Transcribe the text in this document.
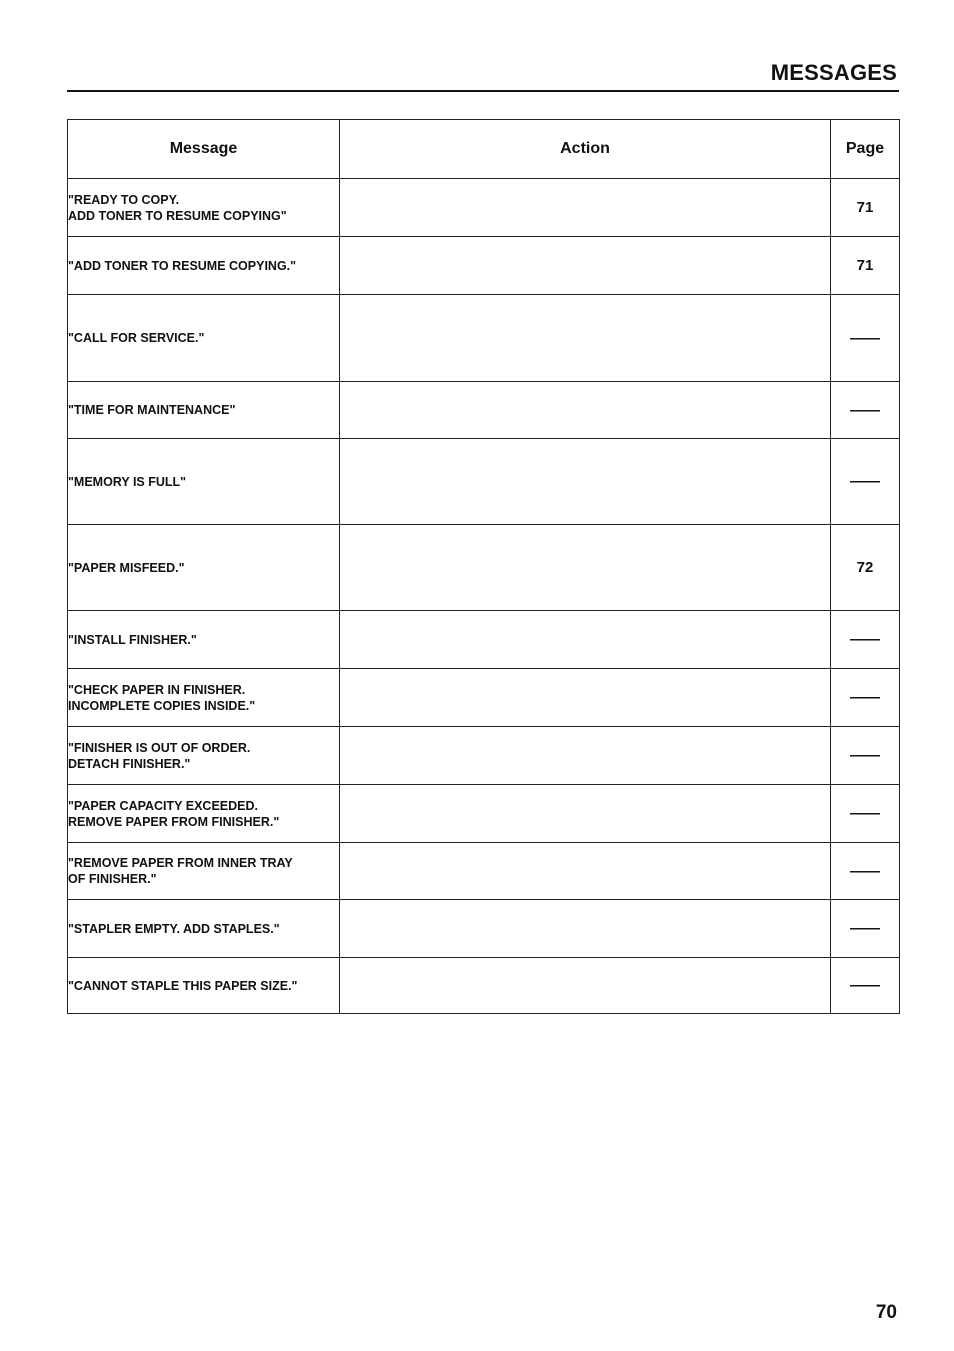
MESSAGES
Message	Action	Page
"READY TO COPY.
ADD TONER TO RESUME COPYING"		71
"ADD TONER TO RESUME COPYING."		71
"CALL FOR SERVICE."		——
"TIME FOR MAINTENANCE"		——
"MEMORY IS FULL"		——
"PAPER MISFEED."		72
"INSTALL FINISHER."		——
"CHECK PAPER IN FINISHER.
INCOMPLETE COPIES INSIDE."		——
"FINISHER IS OUT OF ORDER.
DETACH FINISHER."		——
"PAPER CAPACITY EXCEEDED.
REMOVE PAPER FROM FINISHER."		——
"REMOVE PAPER FROM INNER TRAY
OF FINISHER."		——
"STAPLER EMPTY. ADD STAPLES."		——
"CANNOT STAPLE THIS PAPER SIZE."		——
70
